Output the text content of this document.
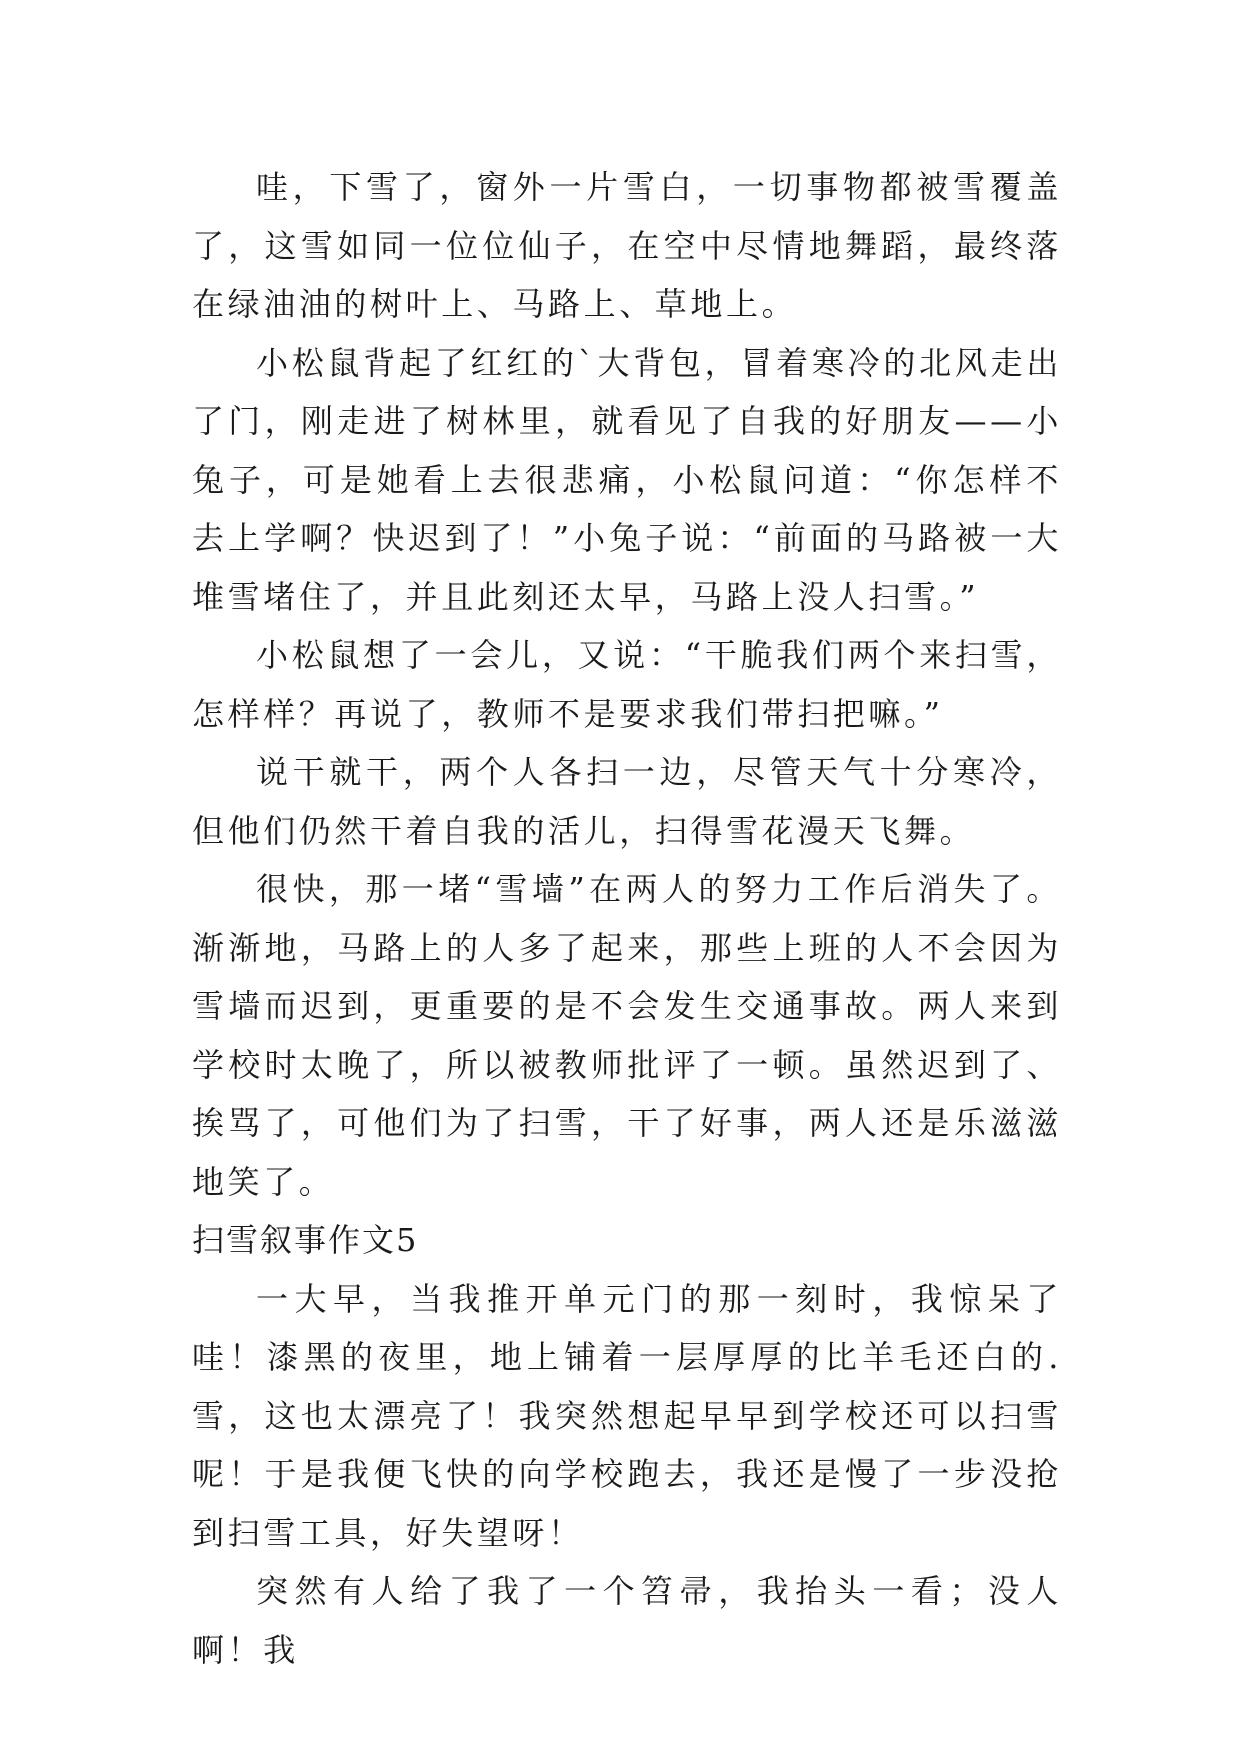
哇，下雪了，窗外一片雪白，一切事物都被雪覆盖了，这雪如同一位位仙子，在空中尽情地舞蹈，最终落在绿油油的树叶上、马路上、草地上。

小松鼠背起了红红的`大背包，冒着寒冷的北风走出了门，刚走进了树林里，就看见了自我的好朋友——小兔子，可是她看上去很悲痛，小松鼠问道：“你怎样不去上学啊？快迟到了！”小兔子说：“前面的马路被一大堆雪堵住了，并且此刻还太早，马路上没人扫雪。”

小松鼠想了一会儿，又说：“干脆我们两个来扫雪，怎样样？再说了，教师不是要求我们带扫把嘛。”

说干就干，两个人各扫一边，尽管天气十分寒冷，但他们仍然干着自我的活儿，扫得雪花漫天飞舞。

很快，那一堵“雪墙”在两人的努力工作后消失了。渐渐地，马路上的人多了起来，那些上班的人不会因为雪墙而迟到，更重要的是不会发生交通事故。两人来到学校时太晚了，所以被教师批评了一顿。虽然迟到了、挨骂了，可他们为了扫雪，干了好事，两人还是乐滋滋地笑了。

扫雪叙事作文5

一大早，当我推开单元门的那一刻时，我惊呆了哇！漆黑的夜里，地上铺着一层厚厚的比羊毛还白的.雪，这也太漂亮了！我突然想起早早到学校还可以扫雪呢！于是我便飞快的向学校跑去，我还是慢了一步没抢到扫雪工具，好失望呀！

突然有人给了我了一个笤帚，我抬头一看；没人啊！我
